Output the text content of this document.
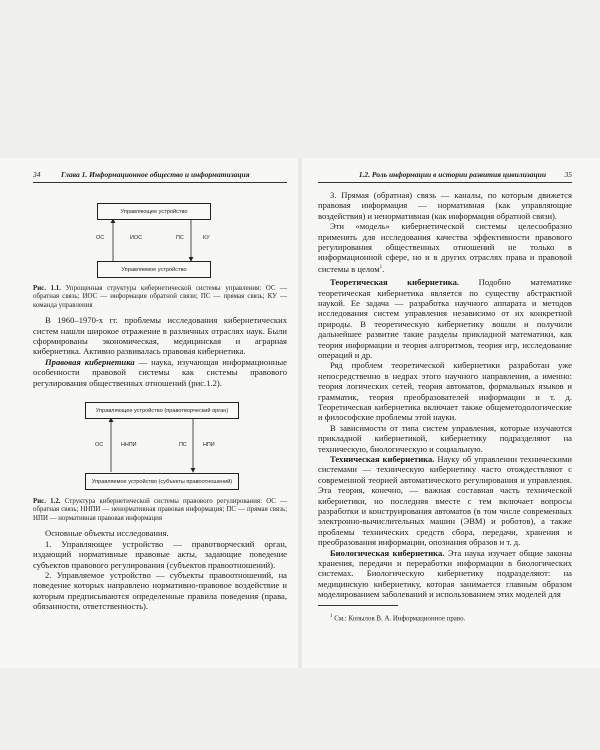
34	Глава 1. Информационное общество и информатизация
Управляющее устройство
Управляемое устройство
ОС	ИОС	ПС	КУ

Рис. 1.1. Упрощенная структура кибернетической системы управления: ОС — обратная связь; ИОС — информация обратной связи; ПС — прямая связь; КУ — команда управления

В 1960–1970-х гг. проблемы исследования кибернетических систем нашли широкое отражение в различных отраслях наук. Были сформированы экономическая, медицинская и аграрная кибернетика. Активно развивалась правовая кибернетика.

Правовая кибернетика — наука, изучающая информационные особенности правовой системы как системы правового регулирования общественных отношений (рис.1.2).

Управляющее устройство (правотворческий орган)
Управляемое устройство (субъекты правоотношений)
ОС	ННПИ	ПС	НПИ

Рис. 1.2. Структура кибернетической системы правового регулирования: ОС — обратная связь; ННПИ — ненормативная правовая информация; ПС — прямая связь; НПИ — нормативная правовая информация

Основные объекты исследования.

1. Управляющее устройство — правотворческий орган, издающий нормативные правовые акты, задающие поведение субъектов правового регулирования (субъектов правоотношений).

2. Управляемое устройство — субъекты правоотношений, на поведение которых направлено нормативно-правовое воздействие и которым предписываются определенные правила поведения (права, обязанности, ответственность).

1.2. Роль информации в истории развития цивилизации 35

3. Прямая (обратная) связь — каналы, по которым движется правовая информация — нормативная (как управляющие воздействия) и ненормативная (как информация обратной связи).

Эти «модель» кибернетической системы целесообразно применять для исследования качества эффективности правового регулирования общественных отношений не только в информационной сфере, но и в других отраслях права и правовой системы в целом$^1$.

Теоретическая кибернетика. Подобно математике теоретическая кибернетика является по существу абстрактной наукой. Ее задача — разработка научного аппарата и методов исследования систем управления независимо от их конкретной природы. В теоретическую кибернетику вошли и получили дальнейшее развитие такие разделы прикладной математики, как теория информации и теория алгоритмов, теория игр, исследование операций и др.

Ряд проблем теоретической кибернетики разработан уже непосредственно в недрах этого научного направления, а именно: теория логических сетей, теория автоматов, формальных языков и грамматик, теория преобразователей информации и т. д. Теоретическая кибернетика включает также общеметодологические и философские проблемы этой науки.

В зависимости от типа систем управления, которые изучаются прикладной кибернетикой, кибернетику подразделяют на техническую, биологическую и социальную.

Техническая кибернетика. Науку об управлении техническими системами — техническую кибернетику часто отождествляют с современной теорией автоматического регулирования и управления. Эта теория, конечно, — важная составная часть технической кибернетики, но последняя вместе с тем включает вопросы разработки и конструирования автоматов (в том числе современных электронно-вычислительных машин (ЭВМ) и роботов), а также проблемы технических средств сбора, передачи, хранения и преобразования информации, опознания образов и т. д.

Биологическая кибернетика. Эта наука изучает общие законы хранения, передачи и переработки информации в биологических системах. Биологическую кибернетику подразделяют: на медицинскую кибернетику, которая занимается главным образом моделированием заболеваний и использованием этих моделей для

$^1$ См.: Копылов В. А. Информационное право.
